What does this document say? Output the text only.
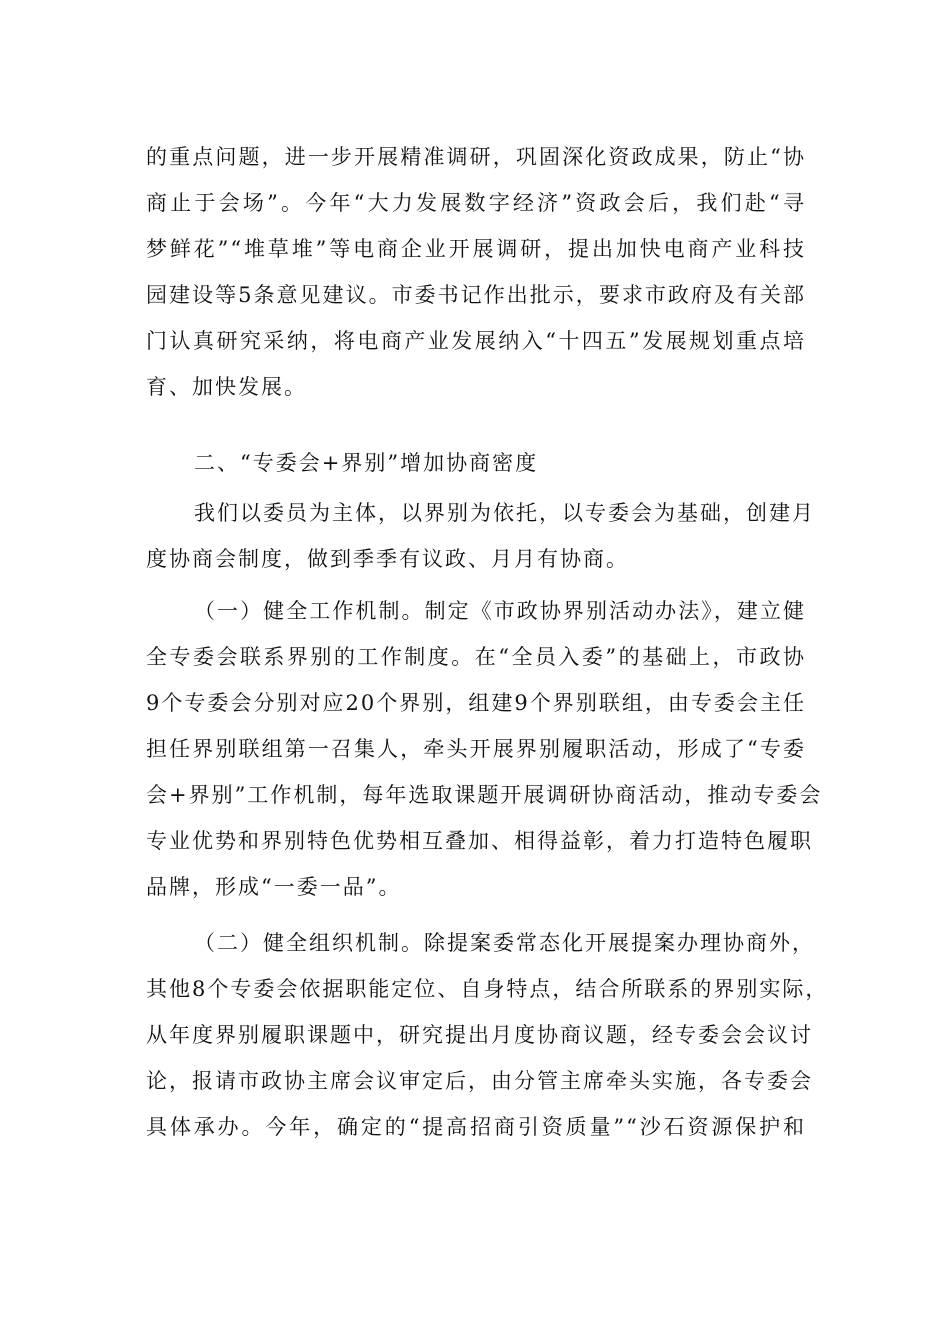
的重点问题，进一步开展精准调研，巩固深化资政成果，防止“协
商止于会场”。今年“大力发展数字经济”资政会后，我们赴“寻
梦鲜花”“堆草堆”等电商企业开展调研，提出加快电商产业科技
园建设等5条意见建议。市委书记作出批示，要求市政府及有关部
门认真研究采纳，将电商产业发展纳入“十四五”发展规划重点培
育、加快发展。
二、“专委会+界别”增加协商密度
我们以委员为主体，以界别为依托，以专委会为基础，创建月
度协商会制度，做到季季有议政、月月有协商。
（一）健全工作机制。制定《市政协界别活动办法》，建立健
全专委会联系界别的工作制度。在“全员入委”的基础上，市政协
9个专委会分别对应20个界别，组建9个界别联组，由专委会主任
担任界别联组第一召集人，牵头开展界别履职活动，形成了“专委
会+界别”工作机制，每年选取课题开展调研协商活动，推动专委会
专业优势和界别特色优势相互叠加、相得益彰，着力打造特色履职
品牌，形成“一委一品”。
（二）健全组织机制。除提案委常态化开展提案办理协商外，
其他8个专委会依据职能定位、自身特点，结合所联系的界别实际，
从年度界别履职课题中，研究提出月度协商议题，经专委会会议讨
论，报请市政协主席会议审定后，由分管主席牵头实施，各专委会
具体承办。今年，确定的“提高招商引资质量”“沙石资源保护和
